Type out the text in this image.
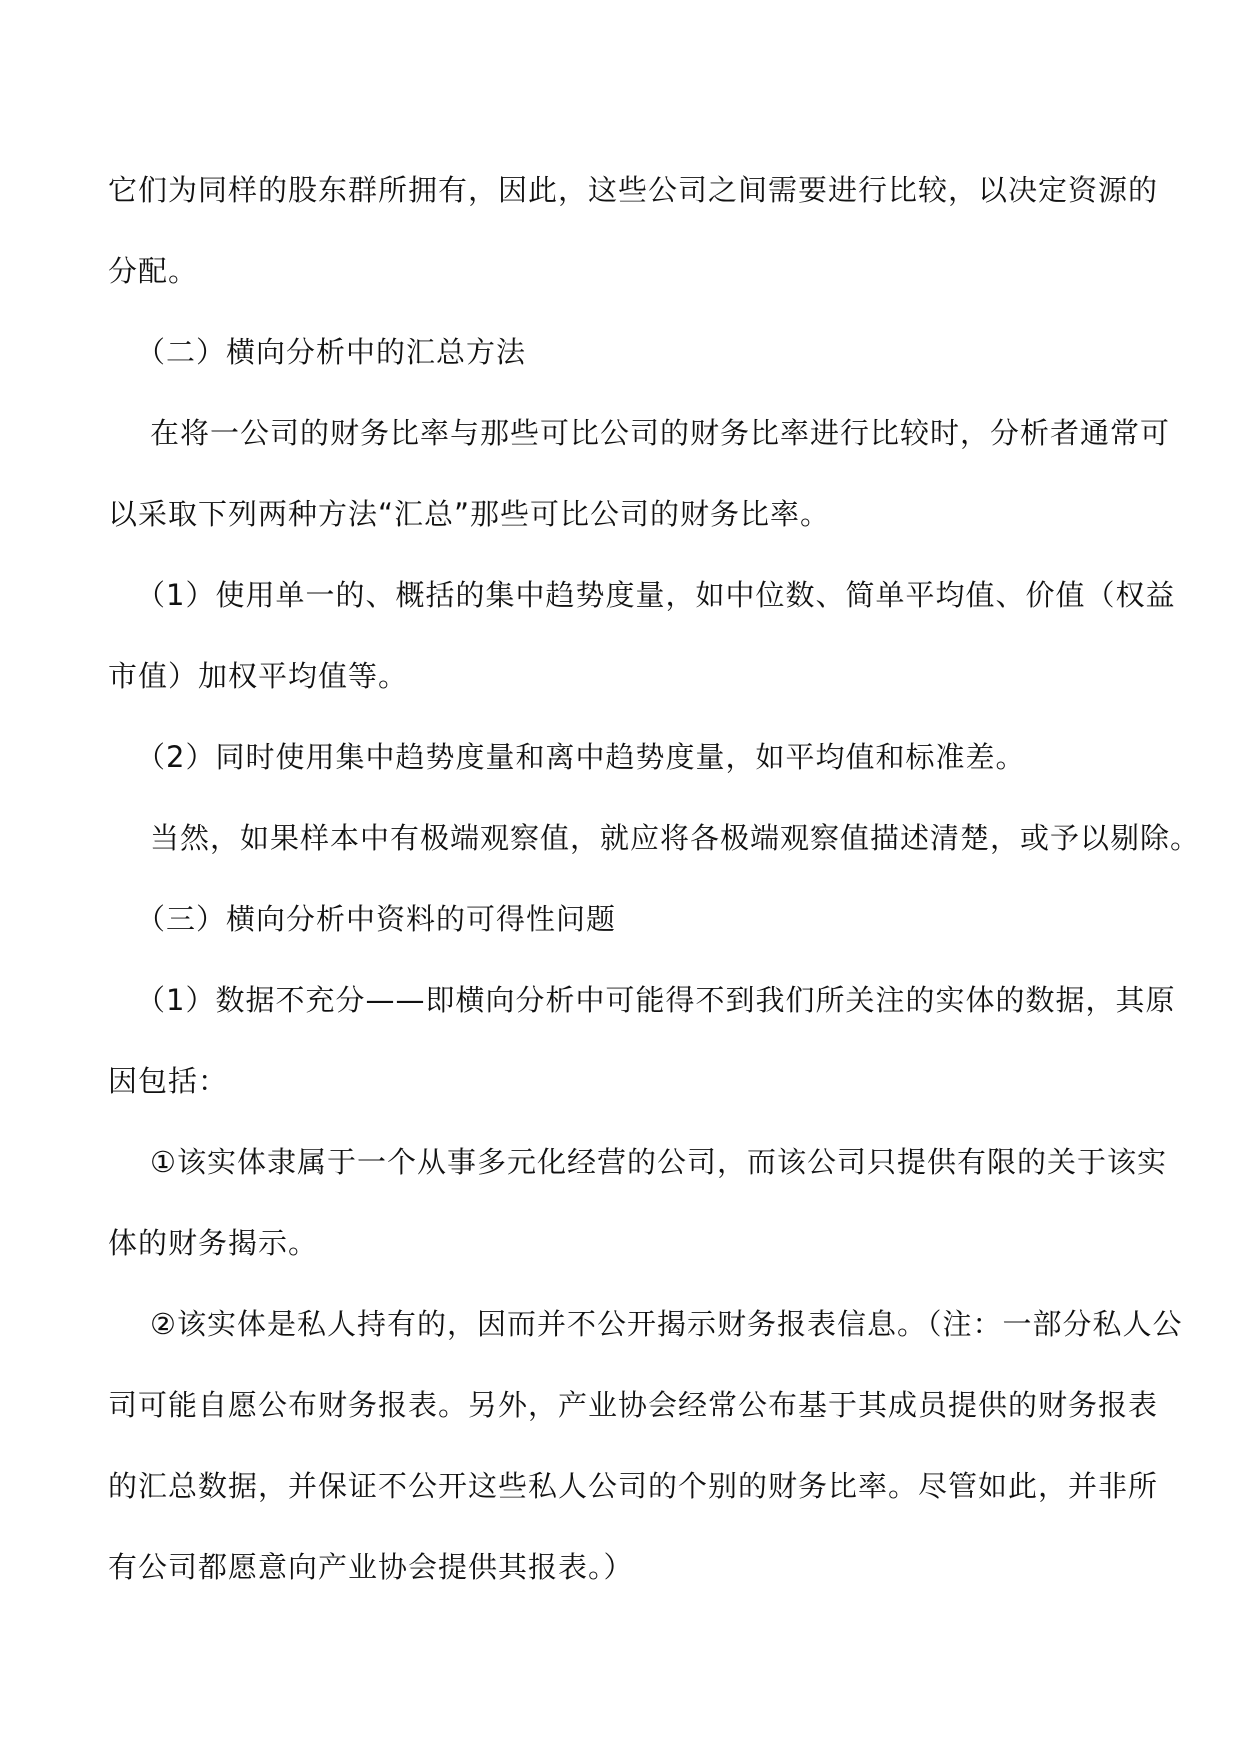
它们为同样的股东群所拥有，因此，这些公司之间需要进行比较，以决定资源的

分配。

（二）横向分析中的汇总方法

在将一公司的财务比率与那些可比公司的财务比率进行比较时，分析者通常可

以采取下列两种方法“汇总”那些可比公司的财务比率。

（1）使用单一的、概括的集中趋势度量，如中位数、简单平均值、价值（权益

市值）加权平均值等。

（2）同时使用集中趋势度量和离中趋势度量，如平均值和标准差。

当然，如果样本中有极端观察值，就应将各极端观察值描述清楚，或予以剔除。

（三）横向分析中资料的可得性问题

（1）数据不充分——即横向分析中可能得不到我们所关注的实体的数据，其原

因包括：

①该实体隶属于一个从事多元化经营的公司，而该公司只提供有限的关于该实

体的财务揭示。

②该实体是私人持有的，因而并不公开揭示财务报表信息。（注：一部分私人公

司可能自愿公布财务报表。另外，产业协会经常公布基于其成员提供的财务报表

的汇总数据，并保证不公开这些私人公司的个别的财务比率。尽管如此，并非所

有公司都愿意向产业协会提供其报表。）
